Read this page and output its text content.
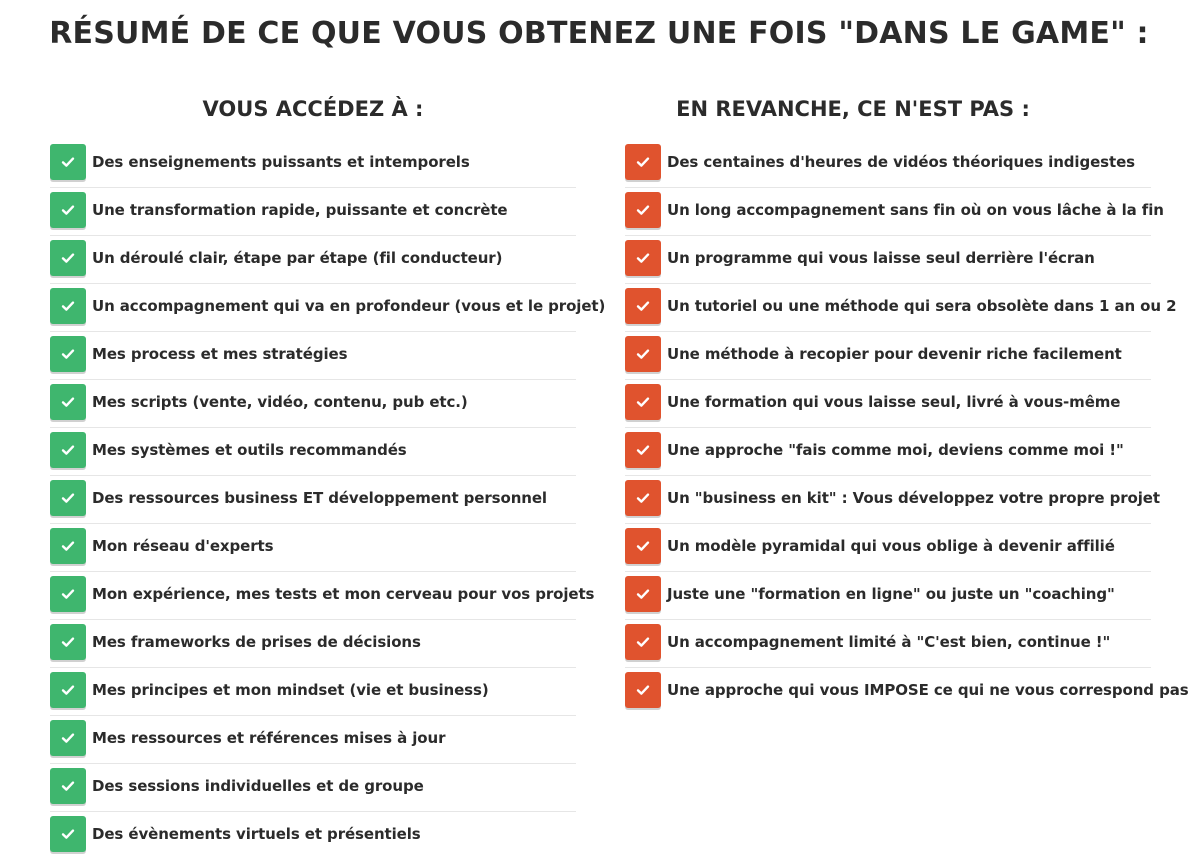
RÉSUMÉ DE CE QUE VOUS OBTENEZ UNE FOIS "DANS LE GAME" :
VOUS ACCÉDEZ À :
Des enseignements puissants et intemporels
Une transformation rapide, puissante et concrète
Un déroulé clair, étape par étape (fil conducteur)
Un accompagnement qui va en profondeur (vous et le projet)
Mes process et mes stratégies
Mes scripts (vente, vidéo, contenu, pub etc.)
Mes systèmes et outils recommandés
Des ressources business ET développement personnel
Mon réseau d'experts
Mon expérience, mes tests et mon cerveau pour vos projets
Mes frameworks de prises de décisions
Mes principes et mon mindset (vie et business)
Mes ressources et références mises à jour
Des sessions individuelles et de groupe
Des évènements virtuels et présentiels
EN REVANCHE, CE N'EST PAS :
Des centaines d'heures de vidéos théoriques indigestes
Un long accompagnement sans fin où on vous lâche à la fin
Un programme qui vous laisse seul derrière l'écran
Un tutoriel ou une méthode qui sera obsolète dans 1 an ou 2
Une méthode à recopier pour devenir riche facilement
Une formation qui vous laisse seul, livré à vous-même
Une approche "fais comme moi, deviens comme moi !"
Un "business en kit" : Vous développez votre propre projet
Un modèle pyramidal qui vous oblige à devenir affilié
Juste une "formation en ligne" ou juste un "coaching"
Un accompagnement limité à "C'est bien, continue !"
Une approche qui vous IMPOSE ce qui ne vous correspond pas
